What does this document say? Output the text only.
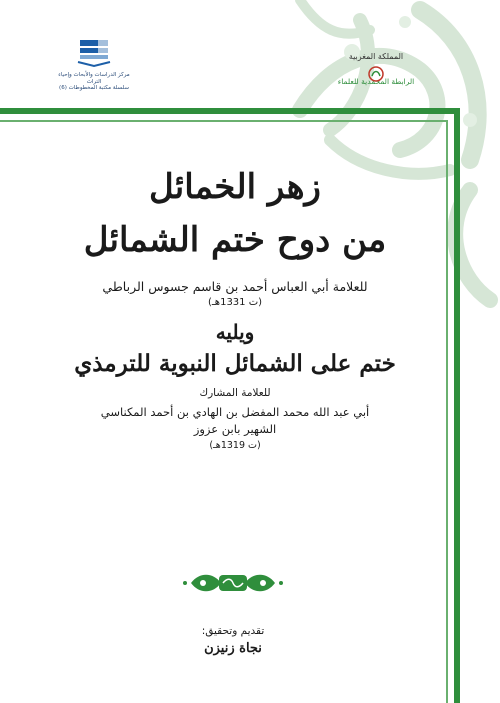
مركز الدراسات والأبحاث وإحياء التراث
سلسلة مكتبة المخطوطات (6)
المملكة المغربية
الرابطة المحمدية للعلماء
زهر الخمائل
من دوح ختم الشمائل
للعلامة أبي العباس أحمد بن قاسم جسوس الرباطي
(ت 1331هـ)
ويليه
ختم على الشمائل النبوية للترمذي
للعلامة المشارك
أبي عبد الله محمد المفضل بن الهادي بن أحمد المكناسي
الشهير بابن عزوز
(ت 1319هـ)
تقديم وتحقيق:
نجاة زنيزن
